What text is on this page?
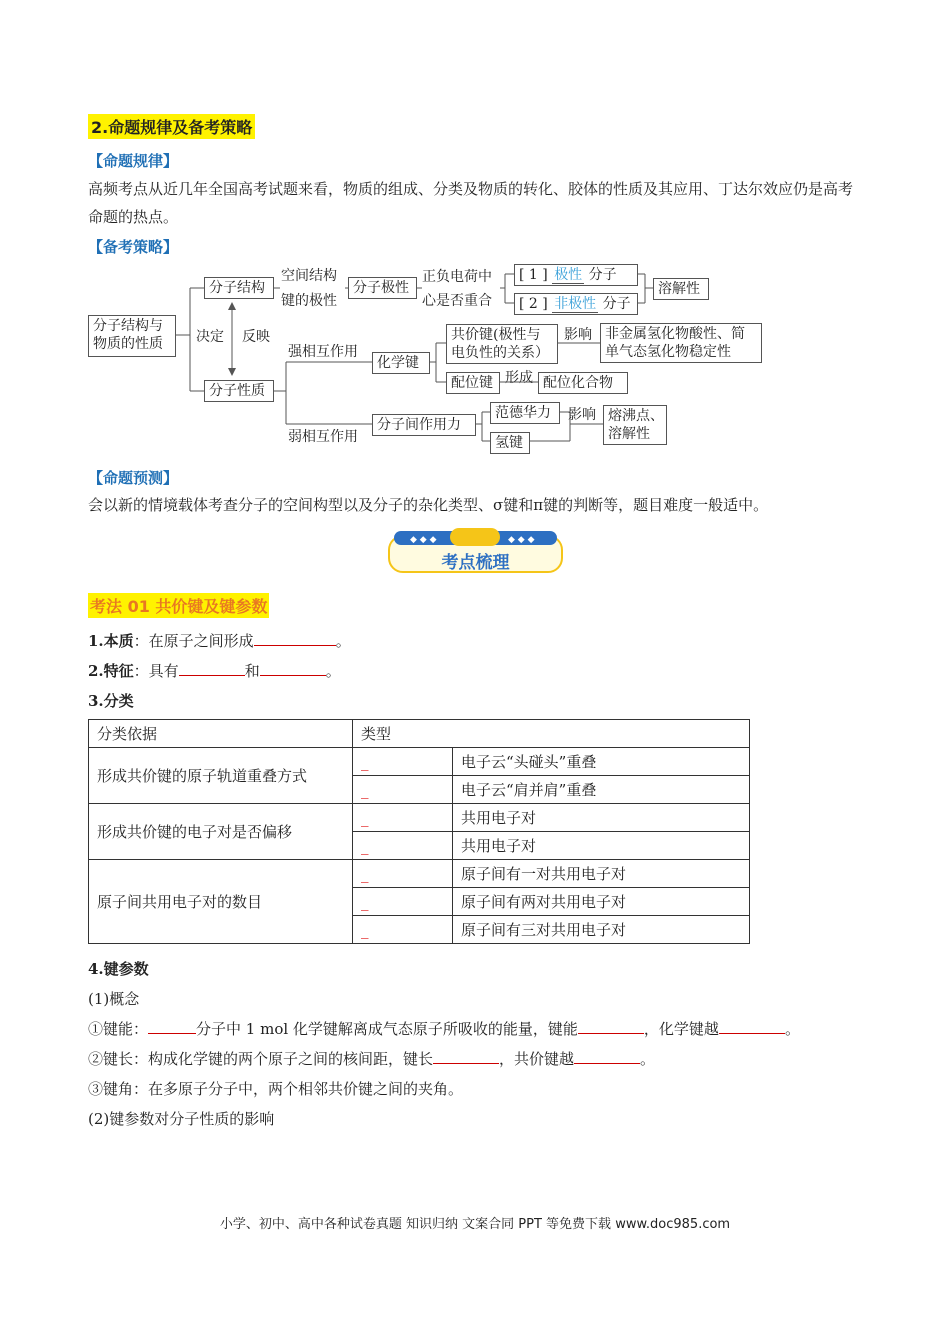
2.命题规律及备考策略
【命题规律】
高频考点从近几年全国高考试题来看，物质的组成、分类及物质的转化、胶体的性质及其应用、丁达尔效应仍是高考命题的热点。
【备考策略】
分子结构与物质的性质
分子结构
分子性质
决定 反映
空间结构
键的极性
分子极性
正负电荷中
心是否重合
[ 1 ] 极性 分子
[ 2 ] 非极性 分子
溶解性
强相互作用
弱相互作用
化学键
共价键(极性与
电负性的关系）
影响 非金属氢化物酸性、简
单气态氢化物稳定性
配位键 形成 配位化合物
分子间作用力
范德华力
氢键
影响 熔沸点、
溶解性
【命题预测】
会以新的情境载体考查分子的空间构型以及分子的杂化类型、σ键和π键的判断等，题目难度一般适中。
◆ ◆ ◆	◆ ◆ ◆
考点梳理
考法 01 共价键及键参数
1.本质：在原子之间形成	。
2.特征：具有	和	。
3.分类
分类依据	类型	
形成共价键的原子轨道重叠方式	_	电子云“头碰头”重叠
	_	电子云“肩并肩”重叠
形成共价键的电子对是否偏移	_	共用电子对
	_	共用电子对
原子间共用电子对的数目	_	原子间有一对共用电子对
	_	原子间有两对共用电子对
	_	原子间有三对共用电子对
4.键参数
(1)概念
①键能：	分子中 1 mol 化学键解离成气态原子所吸收的能量，键能	，化学键越	。
②键长：构成化学键的两个原子之间的核间距，键长	，共价键越	。
③键角：在多原子分子中，两个相邻共价键之间的夹角。
(2)键参数对分子性质的影响
小学、初中、高中各种试卷真题 知识归纳 文案合同 PPT 等免费下载 www.doc985.com
